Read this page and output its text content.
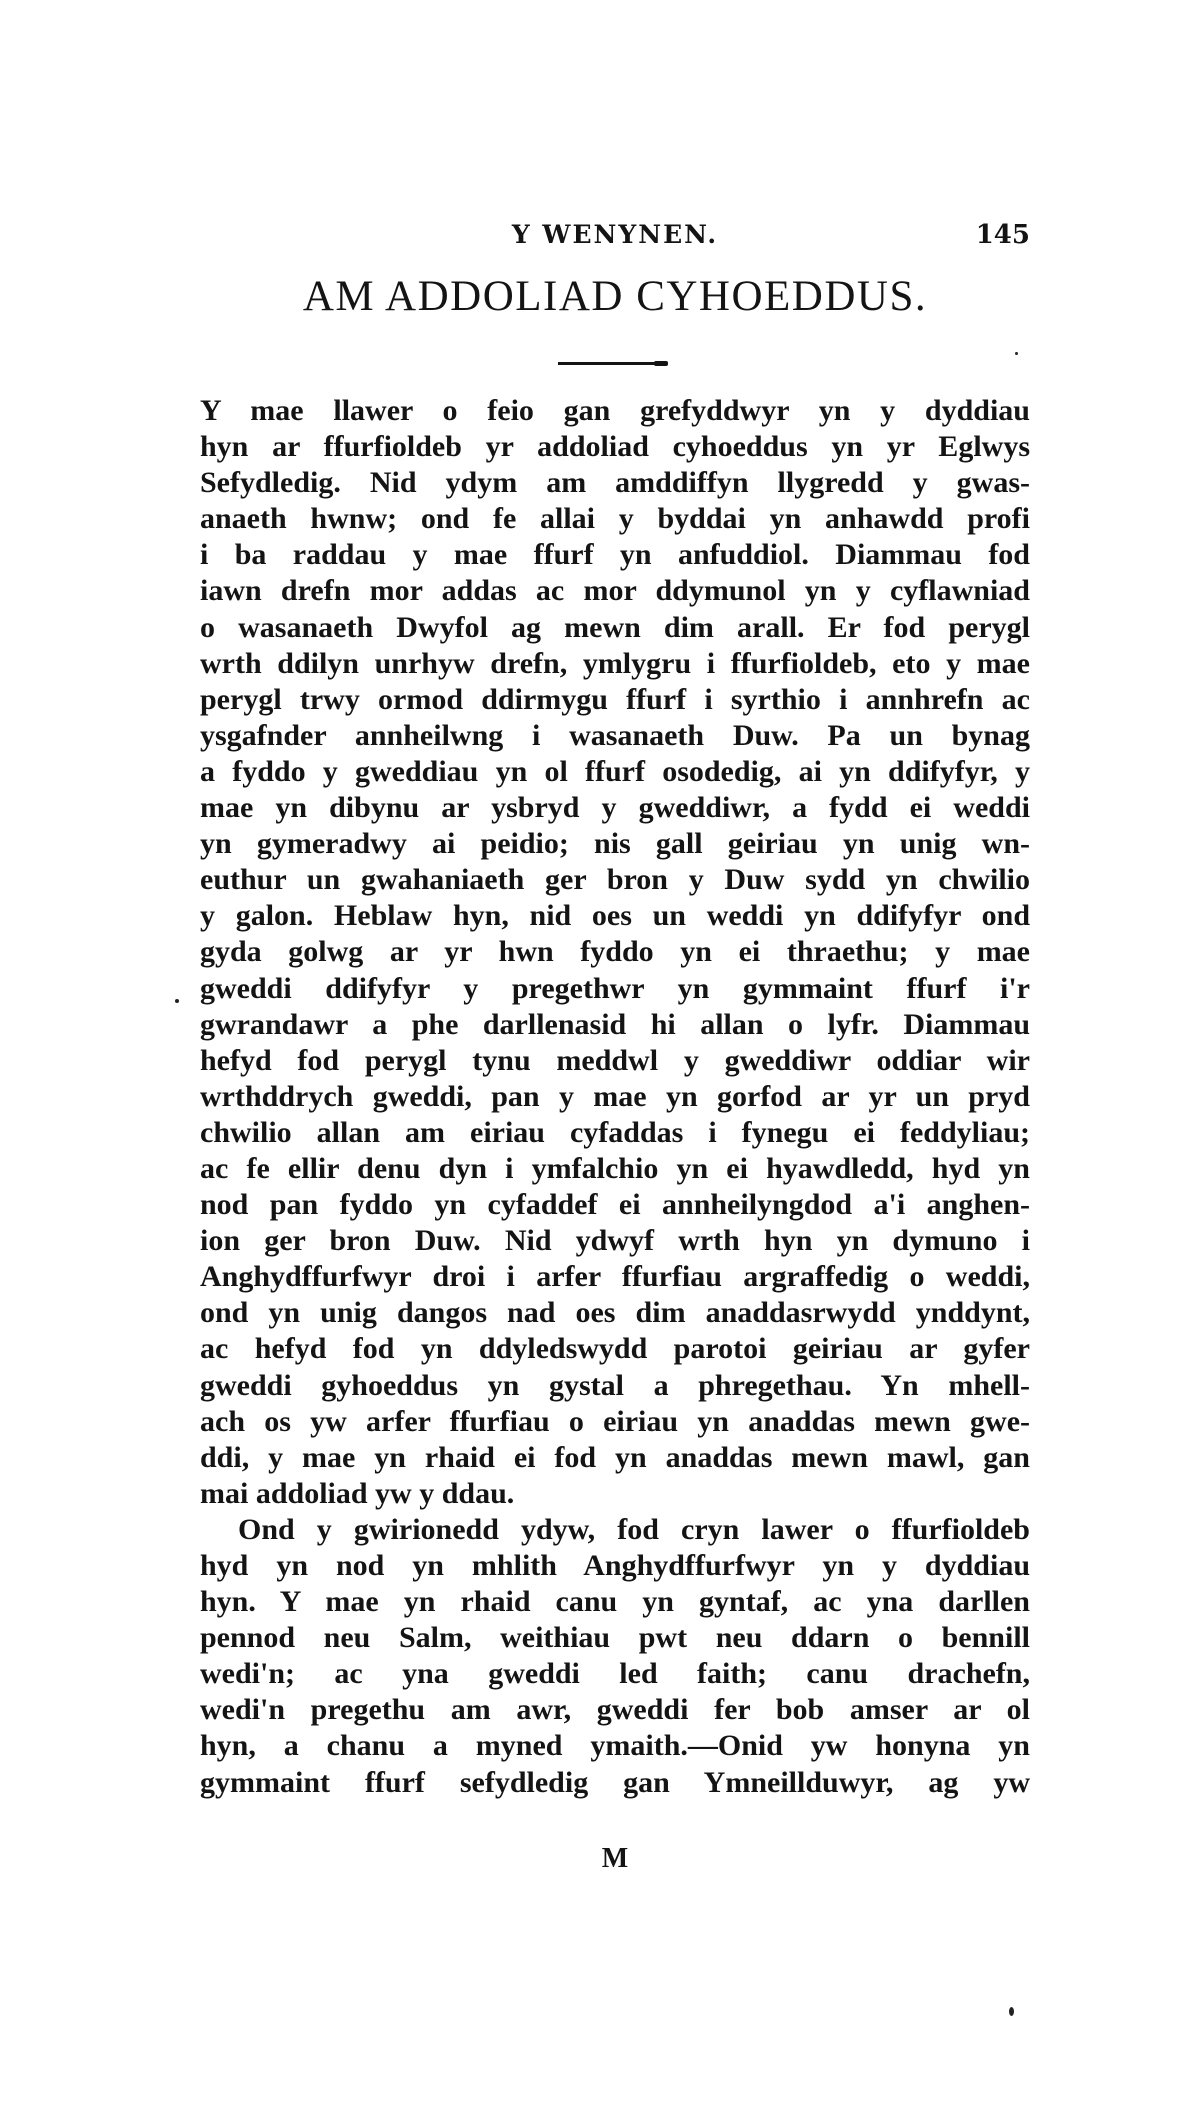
Y WENYNEN.	145
AM ADDOLIAD CYHOEDDUS.
Y mae llawer o feio gan grefyddwyr yn y dyddiau
hyn ar ffurfioldeb yr addoliad cyhoeddus yn yr Eglwys
Sefydledig. Nid ydym am amddiffyn llygredd y gwas-
anaeth hwnw; ond fe allai y byddai yn anhawdd profi
i ba raddau y mae ffurf yn anfuddiol. Diammau fod
iawn drefn mor addas ac mor ddymunol yn y cyflawniad
o wasanaeth Dwyfol ag mewn dim arall. Er fod perygl
wrth ddilyn unrhyw drefn, ymlygru i ffurfioldeb, eto y mae
perygl trwy ormod ddirmygu ffurf i syrthio i annhrefn ac
ysgafnder annheilwng i wasanaeth Duw. Pa un bynag
a fyddo y gweddiau yn ol ffurf osodedig, ai yn ddifyfyr, y
mae yn dibynu ar ysbryd y gweddiwr, a fydd ei weddi
yn gymeradwy ai peidio; nis gall geiriau yn unig wn-
euthur un gwahaniaeth ger bron y Duw sydd yn chwilio
y galon. Heblaw hyn, nid oes un weddi yn ddifyfyr ond
gyda golwg ar yr hwn fyddo yn ei thraethu; y mae
gweddi ddifyfyr y pregethwr yn gymmaint ffurf i'r
gwrandawr a phe darllenasid hi allan o lyfr. Diammau
hefyd fod perygl tynu meddwl y gweddiwr oddiar wir
wrthddrych gweddi, pan y mae yn gorfod ar yr un pryd
chwilio allan am eiriau cyfaddas i fynegu ei feddyliau;
ac fe ellir denu dyn i ymfalchio yn ei hyawdledd, hyd yn
nod pan fyddo yn cyfaddef ei annheilyngdod a'i anghen-
ion ger bron Duw. Nid ydwyf wrth hyn yn dymuno i
Anghydffurfwyr droi i arfer ffurfiau argraffedig o weddi,
ond yn unig dangos nad oes dim anaddasrwydd ynddynt,
ac hefyd fod yn ddyledswydd parotoi geiriau ar gyfer
gweddi gyhoeddus yn gystal a phregethau. Yn mhell-
ach os yw arfer ffurfiau o eiriau yn anaddas mewn gwe-
ddi, y mae yn rhaid ei fod yn anaddas mewn mawl, gan
mai addoliad yw y ddau.
Ond y gwirionedd ydyw, fod cryn lawer o ffurfioldeb
hyd yn nod yn mhlith Anghydffurfwyr yn y dyddiau
hyn. Y mae yn rhaid canu yn gyntaf, ac yna darllen
pennod neu Salm, weithiau pwt neu ddarn o bennill
wedi'n; ac yna gweddi led faith; canu drachefn,
wedi'n pregethu am awr, gweddi fer bob amser ar ol
hyn, a chanu a myned ymaith.—Onid yw honyna yn
gymmaint ffurf sefydledig gan Ymneillduwyr, ag yw
M
